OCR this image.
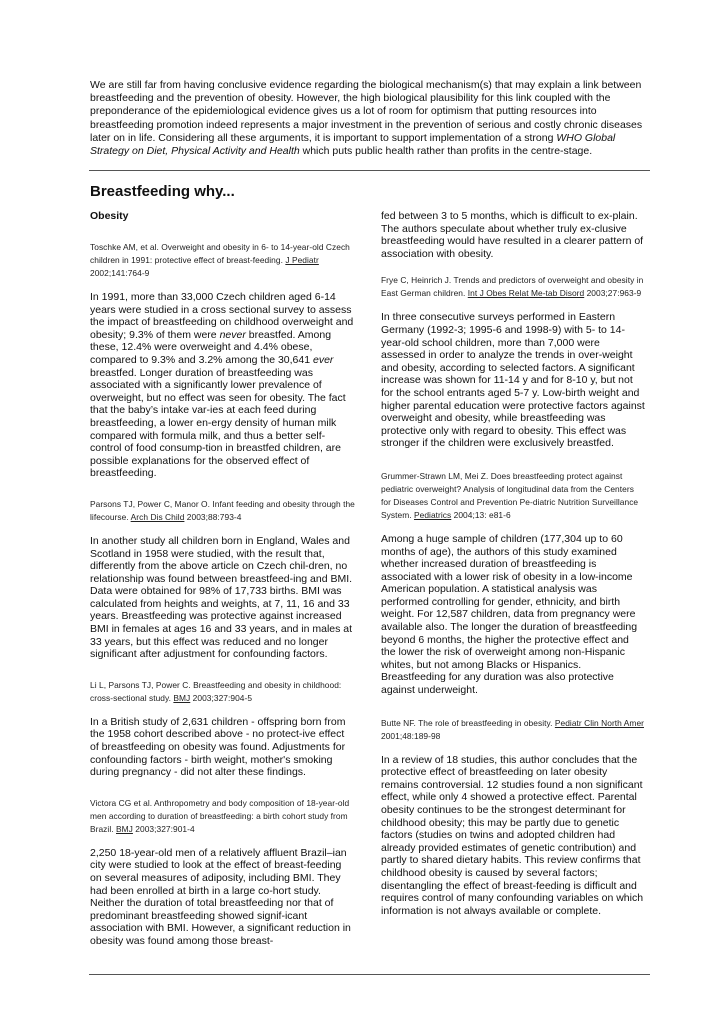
We are still far from having conclusive evidence regarding the biological mechanism(s) that may explain a link between breastfeeding and the prevention of obesity. However, the high biological plausibility for this link coupled with the preponderance of the epidemiological evidence gives us a lot of room for optimism that putting resources into breastfeeding promotion indeed represents a major investment in the prevention of serious and costly chronic diseases later on in life. Considering all these arguments, it is important to support implementation of a strong WHO Global Strategy on Diet, Physical Activity and Health which puts public health rather than profits in the centre-stage.

Breastfeeding why...

Obesity

Toschke AM, et al. Overweight and obesity in 6- to 14-year-old Czech children in 1991: protective effect of breast-feeding. J Pediatr 2002;141:764-9

In 1991, more than 33,000 Czech children aged 6-14 years were studied in a cross sectional survey to assess the impact of breastfeeding on childhood overweight and obesity; 9.3% of them were never breastfed. Among these, 12.4% were overweight and 4.4% obese, compared to 9.3% and 3.2% among the 30,641 ever breastfed. Longer duration of breastfeeding was associated with a significantly lower prevalence of overweight, but no effect was seen for obesity. The fact that the baby’s intake var-ies at each feed during breastfeeding, a lower en-ergy density of human milk compared with formula milk, and thus a better self-control of food consump-tion in breastfed children, are possible explanations for the observed effect of breastfeeding.

Parsons TJ, Power C, Manor O. Infant feeding and obesity through the lifecourse. Arch Dis Child 2003;88:793-4

In another study all children born in England, Wales and Scotland in 1958 were studied, with the result that, differently from the above article on Czech chil-dren, no relationship was found between breastfeed-ing and BMI. Data were obtained for 98% of 17,733 births. BMI was calculated from heights and weights, at 7, 11, 16 and 33 years. Breastfeeding was protective against increased BMI in females at ages 16 and 33 years, and in males at 33 years, but this effect was reduced and no longer significant after adjustment for confounding factors.

Li L, Parsons TJ, Power C. Breastfeeding and obesity in childhood: cross-sectional study. BMJ 2003;327:904-5

In a British study of 2,631 children - offspring born from the 1958 cohort described above - no protect-ive effect of breastfeeding on obesity was found. Adjustments for confounding factors - birth weight, mother's smoking during pregnancy - did not alter these findings.

Victora CG et al. Anthropometry and body composition of 18-year-old men according to duration of breastfeeding: a birth cohort study from Brazil. BMJ 2003;327:901-4

2,250 18-year-old men of a relatively affluent Brazil–ian city were studied to look at the effect of breast-feeding on several measures of adiposity, including BMI. They had been enrolled at birth in a large co-hort study. Neither the duration of total breastfeeding nor that of predominant breastfeeding showed signif-icant association with BMI. However, a significant reduction in obesity was found among those breast-

fed between 3 to 5 months, which is difficult to ex-plain. The authors speculate about whether truly ex-clusive breastfeeding would have resulted in a clearer pattern of association with obesity.

Frye C, Heinrich J. Trends and predictors of overweight and obesity in East German children. Int J Obes Relat Me-tab Disord 2003;27:963-9

In three consecutive surveys performed in Eastern Germany (1992-3; 1995-6 and 1998-9) with 5- to 14-year-old school children, more than 7,000 were assessed in order to analyze the trends in over-weight and obesity, according to selected factors. A significant increase was shown for 11-14 y and for 8-10 y, but not for the school entrants aged 5-7 y. Low-birth weight and higher parental education were protective factors against overweight and obesity, while breastfeeding was protective only with regard to obesity. This effect was stronger if the children were exclusively breastfed.

Grummer-Strawn LM, Mei Z. Does breastfeeding protect against pediatric overweight? Analysis of longitudinal data from the Centers for Diseases Control and Prevention Pe-diatric Nutrition Surveillance System. Pediatrics 2004;13: e81-6

Among a huge sample of children (177,304 up to 60 months of age), the authors of this study examined whether increased duration of breastfeeding is associated with a lower risk of obesity in a low-income American population. A statistical analysis was performed controlling for gender, ethnicity, and birth weight. For 12,587 children, data from pregnancy were available also. The longer the duration of breastfeeding beyond 6 months, the higher the protective effect and the lower the risk of overweight among non-Hispanic whites, but not among Blacks or Hispanics. Breastfeeding for any duration was also protective against underweight.

Butte NF. The role of breastfeeding in obesity. Pediatr Clin North Amer 2001;48:189-98

In a review of 18 studies, this author concludes that the protective effect of breastfeeding on later obesity remains controversial. 12 studies found a non significant effect, while only 4 showed a protective effect. Parental obesity continues to be the strongest determinant for childhood obesity; this may be partly due to genetic factors (studies on twins and adopted children had already provided estimates of genetic contribution) and partly to shared dietary habits. This review confirms that childhood obesity is caused by several factors; disentangling the effect of breast-feeding is difficult and requires control of many confounding variables on which information is not always available or complete.
